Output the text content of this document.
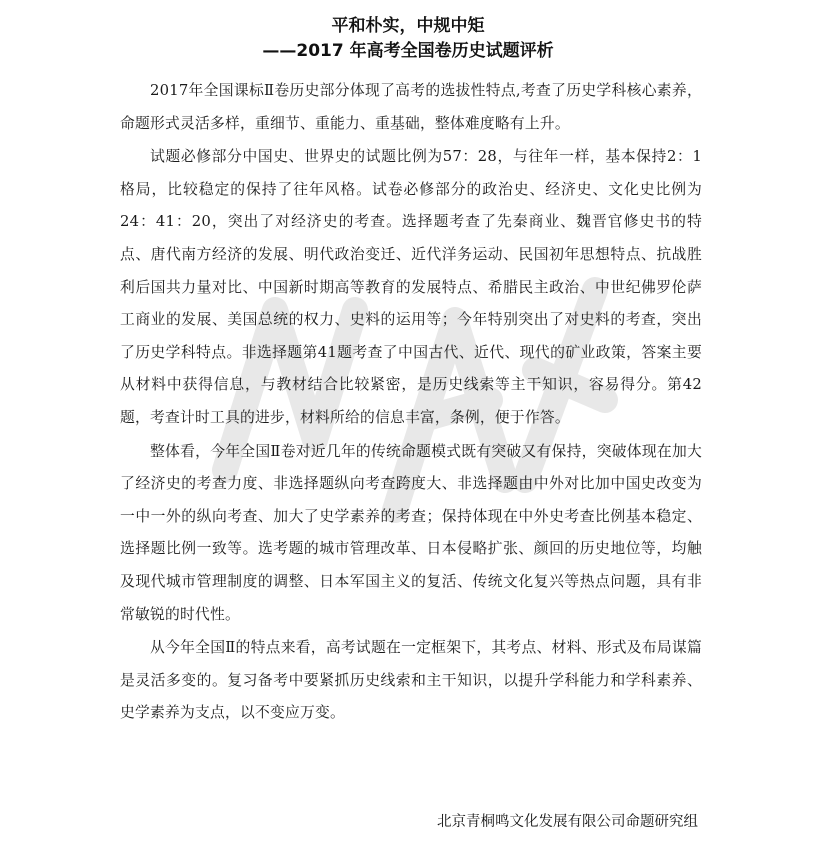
平和朴实，中规中矩
——2017 年高考全国卷历史试题评析

2017年全国课标Ⅱ卷历史部分体现了高考的选拔性特点,考查了历史学科核心素养，命题形式灵活多样，重细节、重能力、重基础，整体难度略有上升。

试题必修部分中国史、世界史的试题比例为57：28，与往年一样，基本保持2：1格局，比较稳定的保持了往年风格。试卷必修部分的政治史、经济史、文化史比例为24：41：20，突出了对经济史的考查。选择题考查了先秦商业、魏晋官修史书的特点、唐代南方经济的发展、明代政治变迁、近代洋务运动、民国初年思想特点、抗战胜利后国共力量对比、中国新时期高等教育的发展特点、希腊民主政治、中世纪佛罗伦萨工商业的发展、美国总统的权力、史料的运用等；今年特别突出了对史料的考查，突出了历史学科特点。非选择题第41题考查了中国古代、近代、现代的矿业政策，答案主要从材料中获得信息，与教材结合比较紧密，是历史线索等主干知识，容易得分。第42题，考查计时工具的进步，材料所给的信息丰富，条例，便于作答。

整体看，今年全国Ⅱ卷对近几年的传统命题模式既有突破又有保持，突破体现在加大了经济史的考查力度、非选择题纵向考查跨度大、非选择题由中外对比加中国史改变为一中一外的纵向考查、加大了史学素养的考查；保持体现在中外史考查比例基本稳定、选择题比例一致等。选考题的城市管理改革、日本侵略扩张、颜回的历史地位等，均触及现代城市管理制度的调整、日本军国主义的复活、传统文化复兴等热点问题，具有非常敏锐的时代性。

从今年全国Ⅱ的特点来看，高考试题在一定框架下，其考点、材料、形式及布局谋篇是灵活多变的。复习备考中要紧抓历史线索和主干知识，以提升学科能力和学科素养、史学素养为支点，以不变应万变。

北京青桐鸣文化发展有限公司命题研究组
